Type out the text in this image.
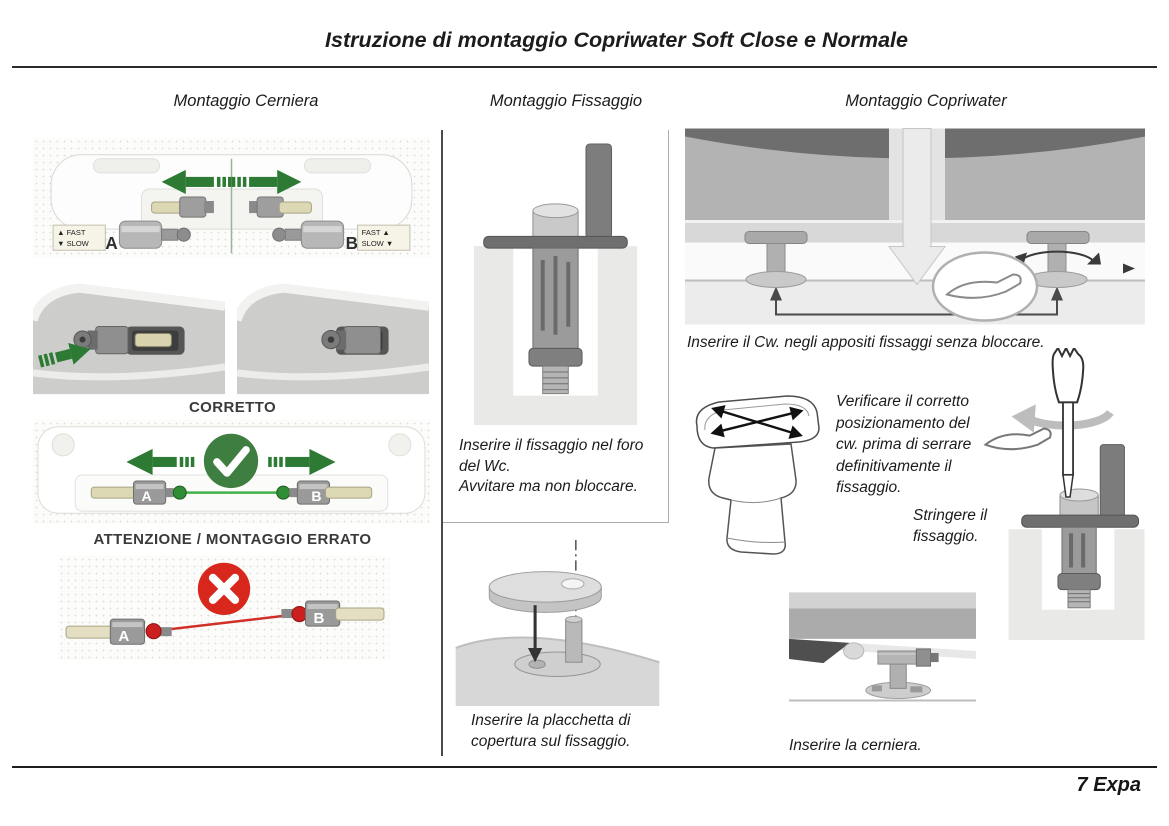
Istruzione di montaggio Copriwater Soft Close e Normale
Montaggio Cerniera	Montaggio Fissaggio	Montaggio Copriwater
▲ FAST
▼ SLOW A	B
FAST ▲
SLOW ▼
CORRETTO
A	B
ATTENZIONE / MONTAGGIO ERRATO
A
B
Inserire il fissaggio nel foro
del Wc.
Avvitare ma non bloccare.
Inserire la placchetta di
copertura sul fissaggio.
Inserire il Cw. negli appositi fissaggi senza bloccare.
Verificare il corretto
posizionamento del
cw. prima di serrare
definitivamente il
fissaggio.
Stringere il
fissaggio.
Inserire la cerniera.
7 Expa
